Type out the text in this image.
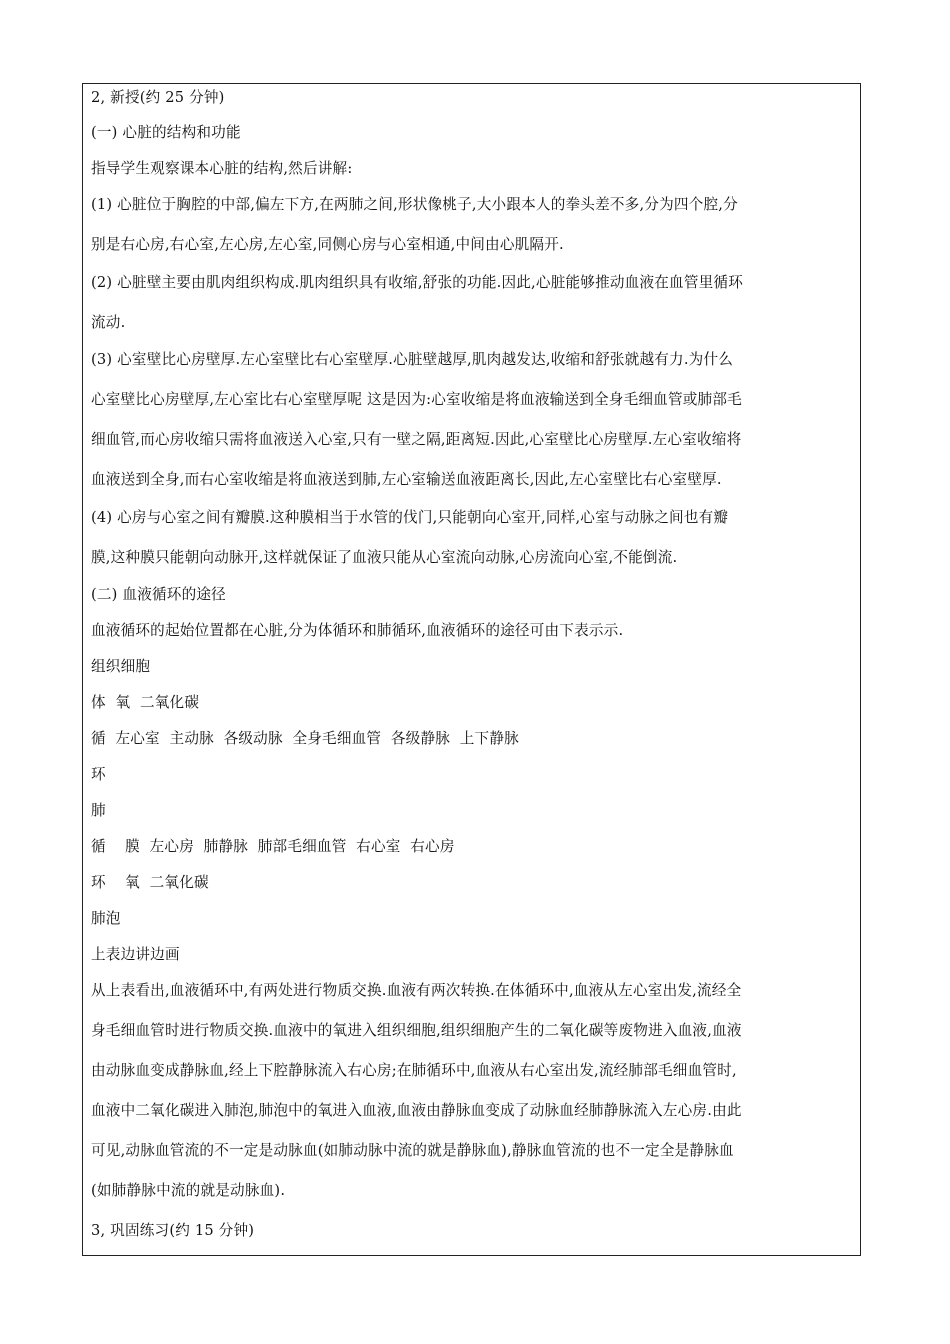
2, 新授(约 25 分钟)
(一) 心脏的结构和功能
指导学生观察课本心脏的结构,然后讲解:
(1) 心脏位于胸腔的中部,偏左下方,在两肺之间,形状像桃子,大小跟本人的拳头差不多,分为四个腔,分
别是右心房,右心室,左心房,左心室,同侧心房与心室相通,中间由心肌隔开.
(2) 心脏壁主要由肌肉组织构成.肌肉组织具有收缩,舒张的功能.因此,心脏能够推动血液在血管里循环
流动.
(3) 心室壁比心房壁厚.左心室壁比右心室壁厚.心脏壁越厚,肌肉越发达,收缩和舒张就越有力.为什么
心室壁比心房壁厚,左心室比右心室壁厚呢 这是因为:心室收缩是将血液输送到全身毛细血管或肺部毛
细血管,而心房收缩只需将血液送入心室,只有一壁之隔,距离短.因此,心室壁比心房壁厚.左心室收缩将
血液送到全身,而右心室收缩是将血液送到肺,左心室输送血液距离长,因此,左心室壁比右心室壁厚.
(4) 心房与心室之间有瓣膜.这种膜相当于水管的伐门,只能朝向心室开,同样,心室与动脉之间也有瓣
膜,这种膜只能朝向动脉开,这样就保证了血液只能从心室流向动脉,心房流向心室,不能倒流.
(二) 血液循环的途径
血液循环的起始位置都在心脏,分为体循环和肺循环,血液循环的途径可由下表示示.
组织细胞
体  氧  二氧化碳
循  左心室  主动脉  各级动脉  全身毛细血管  各级静脉  上下静脉
环
肺
循    膜  左心房  肺静脉  肺部毛细血管  右心室  右心房
环    氧  二氧化碳
肺泡
上表边讲边画
从上表看出,血液循环中,有两处进行物质交换.血液有两次转换.在体循环中,血液从左心室出发,流经全
身毛细血管时进行物质交换.血液中的氧进入组织细胞,组织细胞产生的二氧化碳等废物进入血液,血液
由动脉血变成静脉血,经上下腔静脉流入右心房;在肺循环中,血液从右心室出发,流经肺部毛细血管时,
血液中二氧化碳进入肺泡,肺泡中的氧进入血液,血液由静脉血变成了动脉血经肺静脉流入左心房.由此
可见,动脉血管流的不一定是动脉血(如肺动脉中流的就是静脉血),静脉血管流的也不一定全是静脉血
(如肺静脉中流的就是动脉血).
3, 巩固练习(约 15 分钟)
